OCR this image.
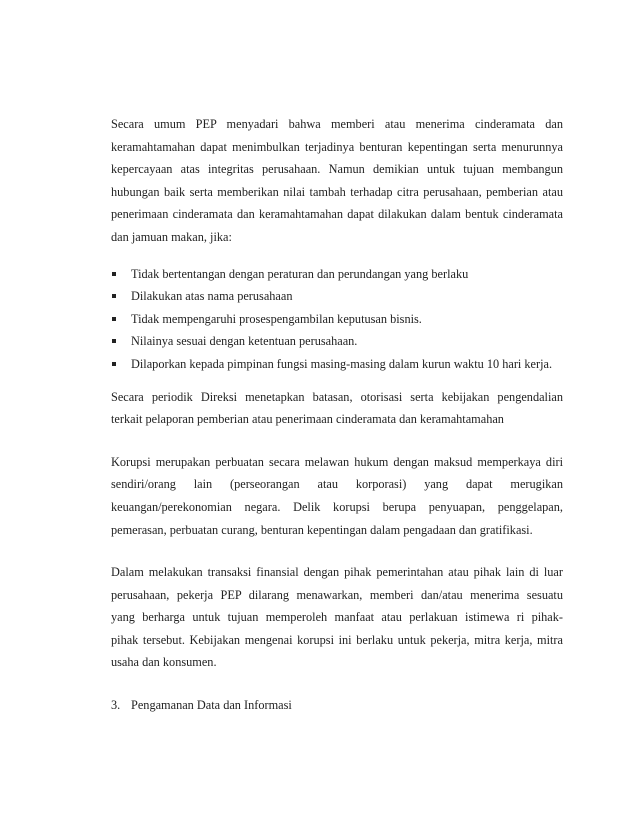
Secara umum PEP menyadari bahwa memberi atau menerima cinderamata dan
keramahtamahan dapat menimbulkan terjadinya benturan kepentingan serta menurunnya
kepercayaan atas integritas perusahaan. Namun demikian untuk tujuan membangun
hubungan baik serta memberikan nilai tambah terhadap citra perusahaan, pemberian atau
penerimaan cinderamata dan keramahtamahan dapat dilakukan dalam bentuk cinderamata
dan jamuan makan, jika:
Tidak bertentangan dengan peraturan dan perundangan yang berlaku
Dilakukan atas nama perusahaan
Tidak mempengaruhi prosespengambilan keputusan bisnis.
Nilainya sesuai dengan ketentuan perusahaan.
Dilaporkan kepada pimpinan fungsi masing-masing dalam kurun waktu 10 hari kerja.
Secara periodik Direksi menetapkan batasan, otorisasi serta kebijakan pengendalian
terkait pelaporan pemberian atau penerimaan cinderamata dan keramahtamahan
Korupsi merupakan perbuatan secara melawan hukum dengan maksud memperkaya diri
sendiri/orang lain (perseorangan atau korporasi) yang dapat merugikan
keuangan/perekonomian negara. Delik korupsi berupa penyuapan, penggelapan,
pemerasan, perbuatan curang, benturan kepentingan dalam pengadaan dan gratifikasi.
Dalam melakukan transaksi finansial dengan pihak pemerintahan atau pihak lain di luar
perusahaan, pekerja PEP dilarang menawarkan, memberi dan/atau menerima sesuatu
yang berharga untuk tujuan memperoleh manfaat atau perlakuan istimewa ri pihak-
pihak tersebut. Kebijakan mengenai korupsi ini berlaku untuk pekerja, mitra kerja, mitra
usaha dan konsumen.
3. Pengamanan Data dan Informasi
